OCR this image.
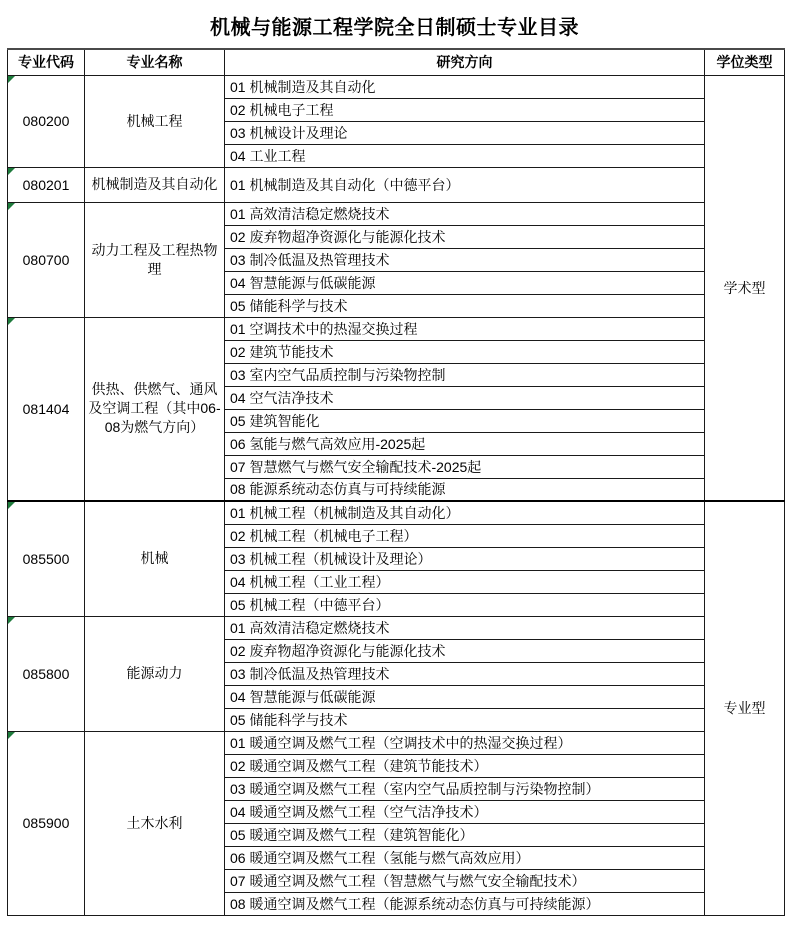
机械与能源工程学院全日制硕士专业目录
专业代码	专业名称	研究方向	学位类型

080200	机械工程	01 机械制造及其自动化	学术型
		02 机械电子工程	
		03 机械设计及理论	
		04 工业工程	

080201	机械制造及其自动化	01 机械制造及其自动化（中德平台）	

080700	动力工程及工程热物理	01 高效清洁稳定燃烧技术	
		02 废弃物超净资源化与能源化技术	
		03 制冷低温及热管理技术	
		04 智慧能源与低碳能源	
		05 储能科学与技术	

081404	供热、供燃气、通风及空调工程（其中06-08为燃气方向）	01 空调技术中的热湿交换过程	
		02 建筑节能技术	
		03 室内空气品质控制与污染物控制	
		04 空气洁净技术	
		05 建筑智能化	
		06 氢能与燃气高效应用-2025起	
		07 智慧燃气与燃气安全输配技术-2025起	
		08 能源系统动态仿真与可持续能源	

085500	机械	01 机械工程（机械制造及其自动化）	专业型
		02 机械工程（机械电子工程）	
		03 机械工程（机械设计及理论）	
		04 机械工程（工业工程）	
		05 机械工程（中德平台）	

085800	能源动力	01 高效清洁稳定燃烧技术	
		02 废弃物超净资源化与能源化技术	
		03 制冷低温及热管理技术	
		04 智慧能源与低碳能源	
		05 储能科学与技术	

085900	土木水利	01 暖通空调及燃气工程（空调技术中的热湿交换过程）	
		02 暖通空调及燃气工程（建筑节能技术）	
		03 暖通空调及燃气工程（室内空气品质控制与污染物控制）	
		04 暖通空调及燃气工程（空气洁净技术）	
		05 暖通空调及燃气工程（建筑智能化）	
		06 暖通空调及燃气工程（氢能与燃气高效应用）	
		07 暖通空调及燃气工程（智慧燃气与燃气安全输配技术）	
		08 暖通空调及燃气工程（能源系统动态仿真与可持续能源）	
